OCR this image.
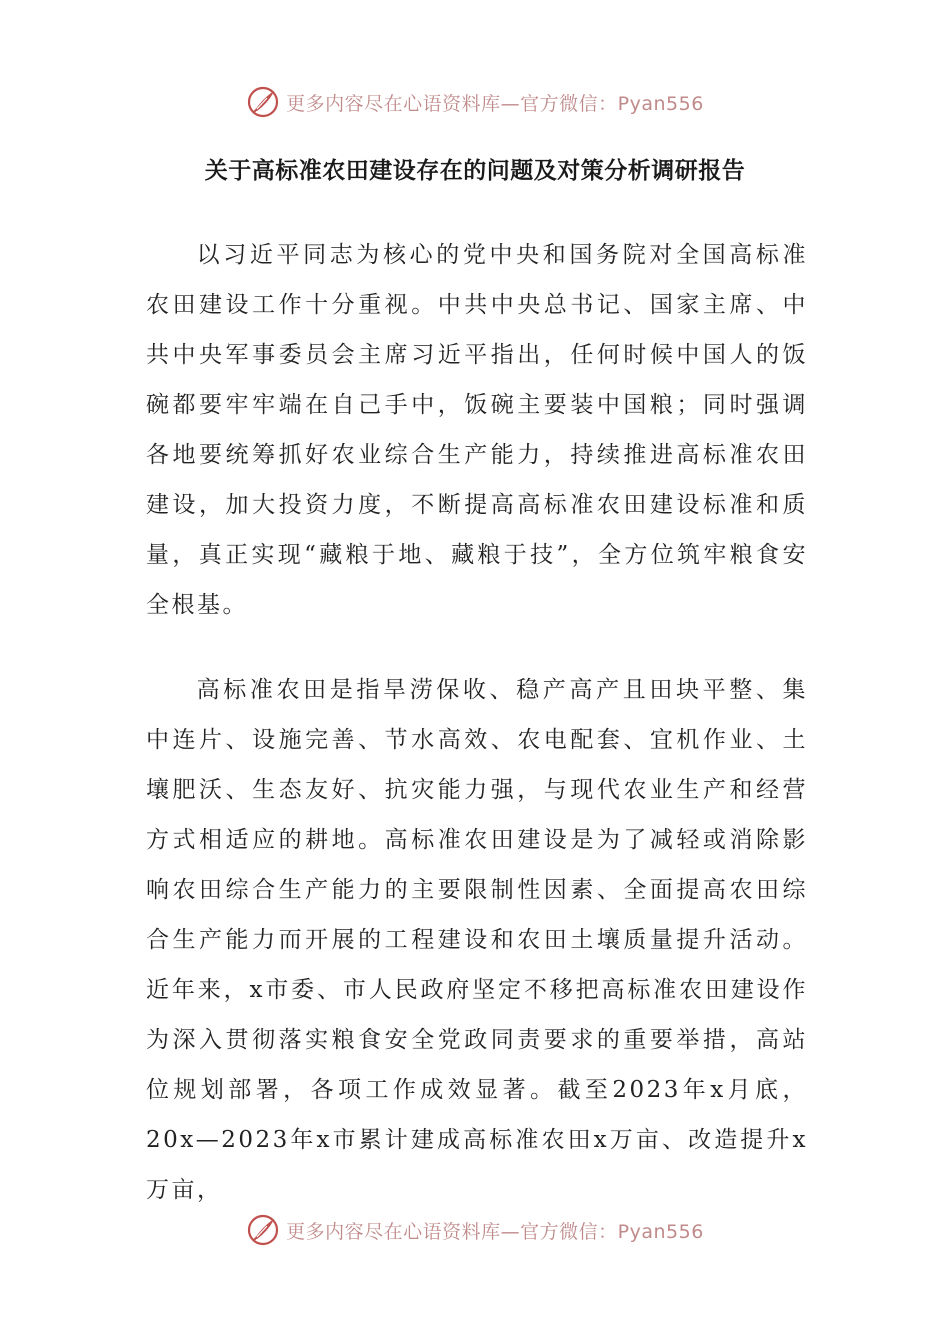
更多内容尽在心语资料库—官方微信：Pyan556
关于高标准农田建设存在的问题及对策分析调研报告

以习近平同志为核心的党中央和国务院对全国高标准农田建设工作十分重视。中共中央总书记、国家主席、中共中央军事委员会主席习近平指出，任何时候中国人的饭碗都要牢牢端在自己手中，饭碗主要装中国粮；同时强调各地要统筹抓好农业综合生产能力，持续推进高标准农田建设，加大投资力度，不断提高高标准农田建设标准和质量，真正实现“藏粮于地、藏粮于技”，全方位筑牢粮食安全根基。

高标准农田是指旱涝保收、稳产高产且田块平整、集中连片、设施完善、节水高效、农电配套、宜机作业、土壤肥沃、生态友好、抗灾能力强，与现代农业生产和经营方式相适应的耕地。高标准农田建设是为了减轻或消除影响农田综合生产能力的主要限制性因素、全面提高农田综合生产能力而开展的工程建设和农田土壤质量提升活动。近年来，x市委、市人民政府坚定不移把高标准农田建设作为深入贯彻落实粮食安全党政同责要求的重要举措，高站位规划部署，各项工作成效显著。截至2023年x月底，20x—2023年x市累计建成高标准农田x万亩、改造提升x万亩，

更多内容尽在心语资料库—官方微信：Pyan556
